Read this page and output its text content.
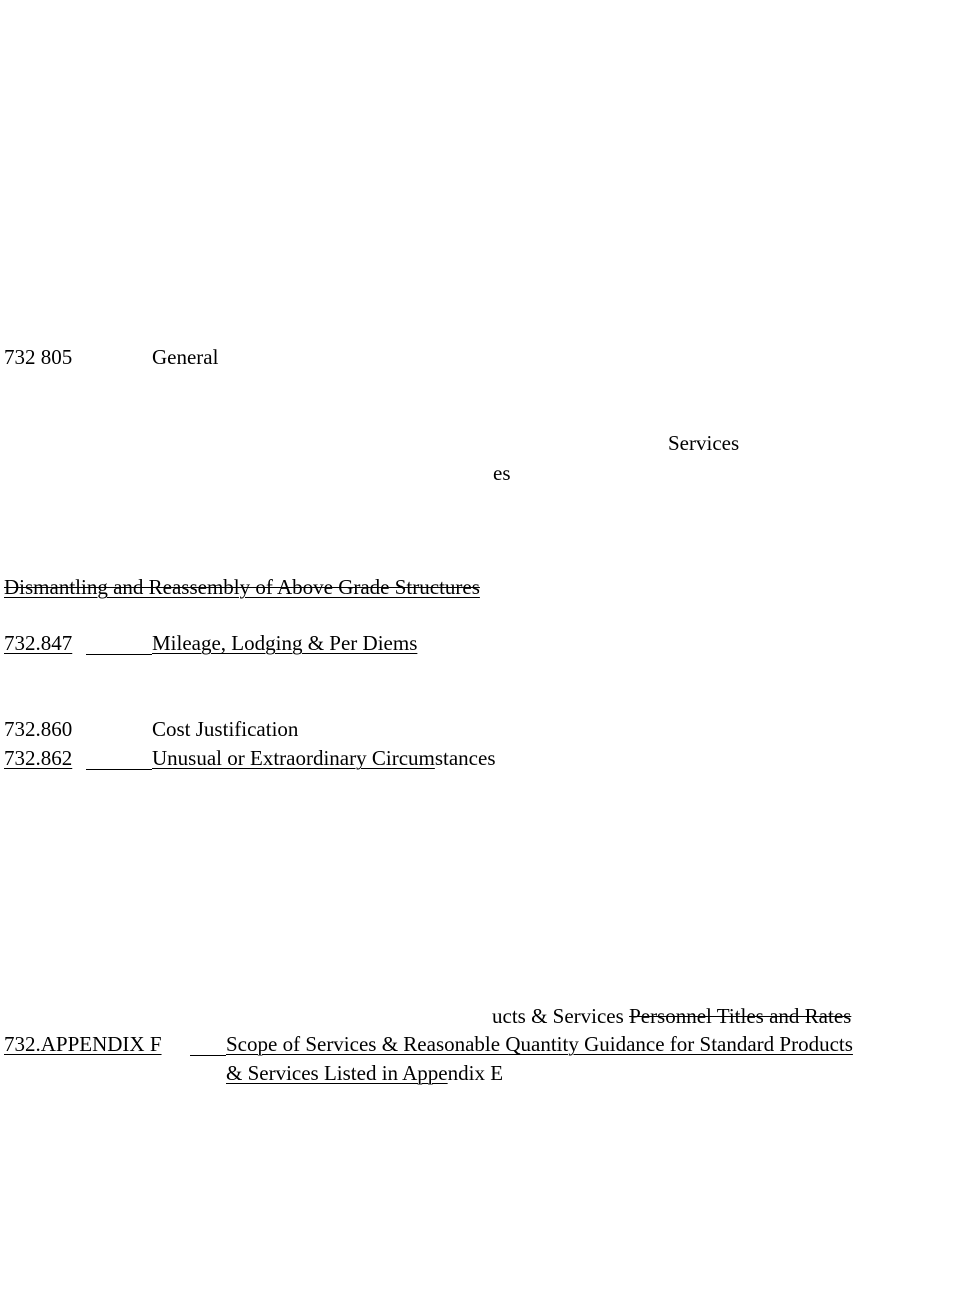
732 805	General
Services
es
Dismantling and Reassembly of Above Grade Structures
732.847	Mileage, Lodging & Per Diems
732.860	Cost Justification
732.862	Unusual or Extraordinary Circumstances
ucts & Services Personnel Titles and Rates
732.APPENDIX F	Scope of Services & Reasonable Quantity Guidance for Standard Products
& Services Listed in Appendix E
